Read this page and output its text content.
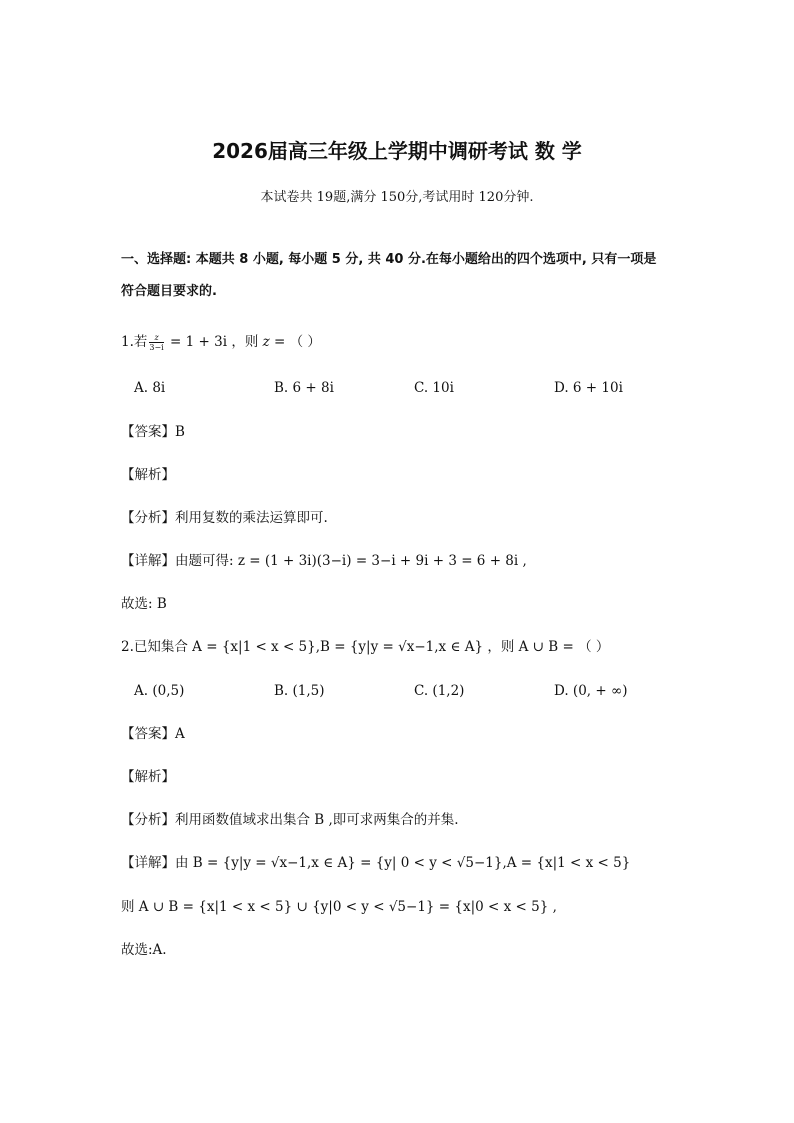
2026届高三年级上学期中调研考试 数 学
本试卷共 19题,满分 150分,考试用时 120分钟.
一、选择题: 本题共 8 小题, 每小题 5 分, 共 40 分.在每小题给出的四个选项中, 只有一项是
符合题目要求的.
1.若 $\frac{z}{3-i} = 1 + 3i$ ，则 z = （ ）
A. 8i	B. 6 + 8i	C. 10i	D. 6 + 10i
【答案】B
【解析】
【分析】利用复数的乘法运算即可.
【详解】由题可得: z = (1 + 3i)(3−i) = 3−i + 9i + 3 = 6 + 8i ,
故选: B
2.已知集合 A = {x|1 < x < 5},B = {y|y = √x−1,x ∈ A} ，则 A ∪ B = （ ）
A. (0,5)	B. (1,5)	C. (1,2)	D. (0, + ∞)
【答案】A
【解析】
【分析】利用函数值域求出集合 B ,即可求两集合的并集.
【详解】由 B = {y|y = √x−1,x ∈ A} = {y| 0 < y < √5−1},A = {x|1 < x < 5}
则 A ∪ B = {x|1 < x < 5} ∪ {y|0 < y < √5−1} = {x|0 < x < 5} ,
故选:A.
